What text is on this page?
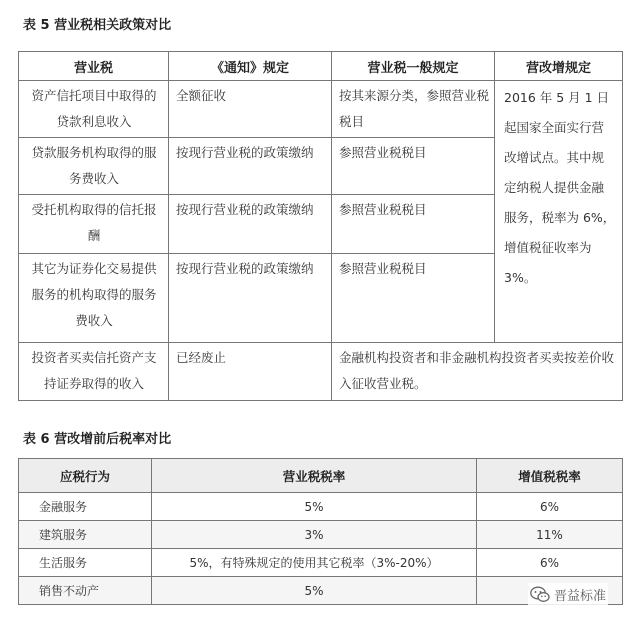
表 5 营业税相关政策对比
营业税	《通知》规定	营业税一般规定	营改增规定
资产信托项目中取得的贷款利息收入	全额征收	按其来源分类，参照营业税税目	2016 年 5 月 1 日起国家全面实行营改增试点。其中规定纳税人提供金融服务，税率为 6%，增值税征收率为 3%。
贷款服务机构取得的服务费收入	按现行营业税的政策缴纳	参照营业税税目	
受托机构取得的信托报酬	按现行营业税的政策缴纳	参照营业税税目	
其它为证券化交易提供服务的机构取得的服务费收入	按现行营业税的政策缴纳	参照营业税税目	
投资者买卖信托资产支持证券取得的收入	已经废止	金融机构投资者和非金融机构投资者买卖按差价收入征收营业税。	
表 6 营改增前后税率对比
应税行为	营业税税率	增值税税率
金融服务	5%	6%
建筑服务	3%	11%
生活服务	5%，有特殊规定的使用其它税率（3%-20%）	6%
销售不动产	5%		晋益标准
